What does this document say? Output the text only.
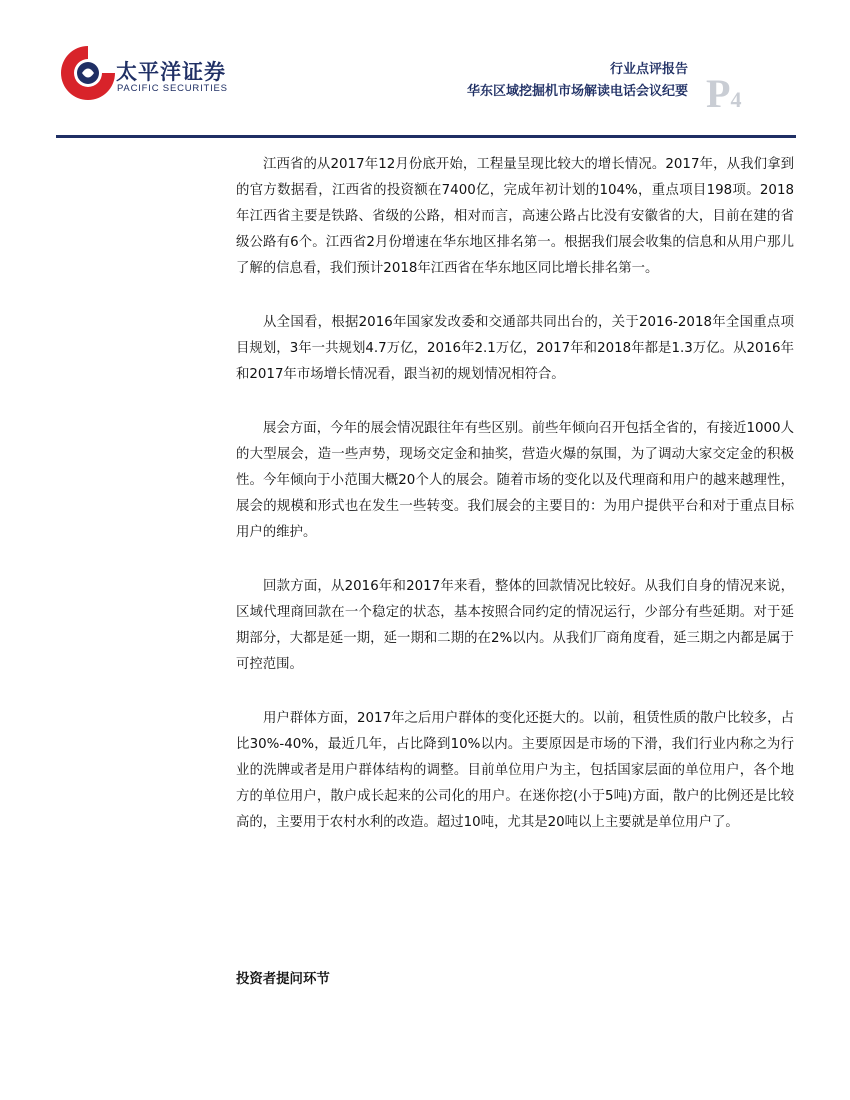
太平洋证券
PACIFIC SECURITIES
行业点评报告
华东区域挖掘机市场解读电话会议纪要 P4

江西省的从2017年12月份底开始，工程量呈现比较大的增长情况。2017年，从我们拿到的官方数据看，江西省的投资额在7400亿，完成年初计划的104%，重点项目198项。2018年江西省主要是铁路、省级的公路，相对而言，高速公路占比没有安徽省的大，目前在建的省级公路有6个。江西省2月份增速在华东地区排名第一。根据我们展会收集的信息和从用户那儿了解的信息看，我们预计2018年江西省在华东地区同比增长排名第一。

从全国看，根据2016年国家发改委和交通部共同出台的，关于2016-2018年全国重点项目规划，3年一共规划4.7万亿，2016年2.1万亿，2017年和2018年都是1.3万亿。从2016年和2017年市场增长情况看，跟当初的规划情况相符合。

展会方面，今年的展会情况跟往年有些区别。前些年倾向召开包括全省的，有接近1000人的大型展会，造一些声势，现场交定金和抽奖，营造火爆的氛围，为了调动大家交定金的积极性。今年倾向于小范围大概20个人的展会。随着市场的变化以及代理商和用户的越来越理性，展会的规模和形式也在发生一些转变。我们展会的主要目的：为用户提供平台和对于重点目标用户的维护。

回款方面，从2016年和2017年来看，整体的回款情况比较好。从我们自身的情况来说，区域代理商回款在一个稳定的状态，基本按照合同约定的情况运行，少部分有些延期。对于延期部分，大都是延一期，延一期和二期的在2%以内。从我们厂商角度看，延三期之内都是属于可控范围。

用户群体方面，2017年之后用户群体的变化还挺大的。以前，租赁性质的散户比较多，占比30%-40%，最近几年，占比降到10%以内。主要原因是市场的下滑，我们行业内称之为行业的洗牌或者是用户群体结构的调整。目前单位用户为主，包括国家层面的单位用户，各个地方的单位用户，散户成长起来的公司化的用户。在迷你挖(小于5吨)方面，散户的比例还是比较高的，主要用于农村水利的改造。超过10吨，尤其是20吨以上主要就是单位用户了。

投资者提问环节
